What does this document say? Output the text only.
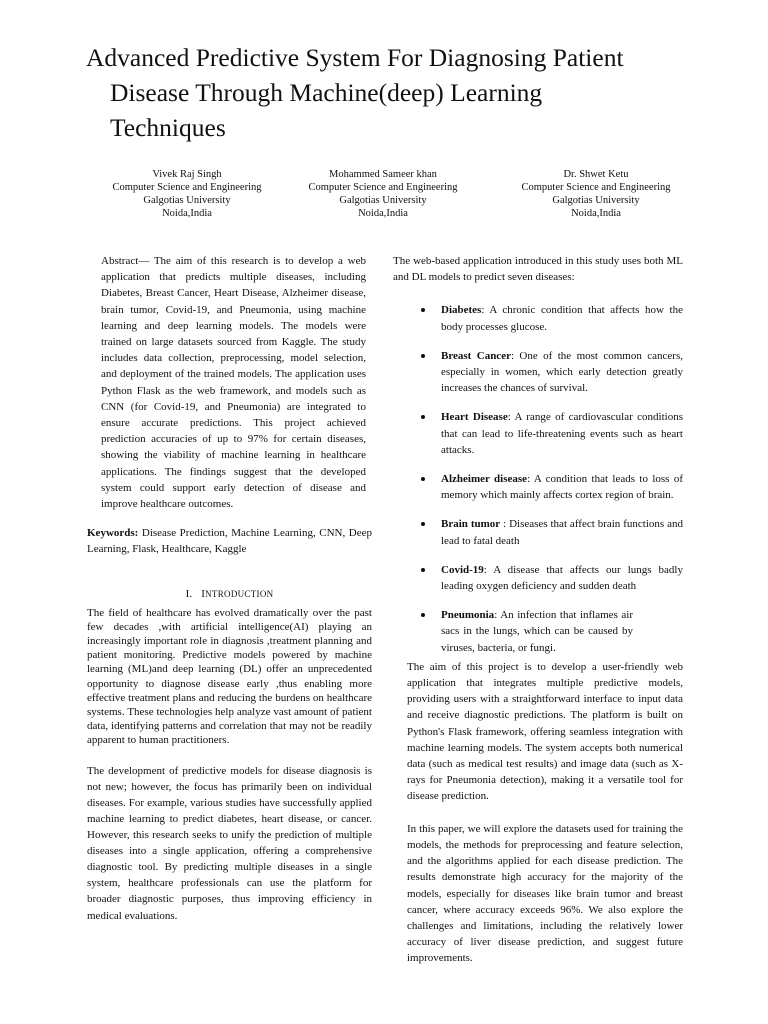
Advanced Predictive System For Diagnosing Patient
Disease Through Machine(deep) Learning
Techniques
Vivek Raj Singh
Computer Science and Engineering
Galgotias University
Noida,India
Mohammed Sameer khan
Computer Science and Engineering
Galgotias University
Noida,India
Dr. Shwet Ketu
Computer Science and Engineering
Galgotias University
Noida,India

Abstract— The aim of this research is to develop a web application that predicts multiple diseases, including Diabetes, Breast Cancer, Heart Disease, Alzheimer disease, brain tumor, Covid-19, and Pneumonia, using machine learning and deep learning models. The models were trained on large datasets sourced from Kaggle. The study includes data collection, preprocessing, model selection, and deployment of the trained models. The application uses Python Flask as the web framework, and models such as CNN (for Covid-19, and Pneumonia) are integrated to ensure accurate predictions. This project achieved prediction accuracies of up to 97% for certain diseases, showing the viability of machine learning in healthcare applications. The findings suggest that the developed system could support early detection of disease and improve healthcare outcomes.

Keywords: Disease Prediction, Machine Learning, CNN, Deep Learning, Flask, Healthcare, Kaggle

I. INTRODUCTION

The field of healthcare has evolved dramatically over the past few decades ,with artificial intelligence(AI) playing an increasingly important role in diagnosis ,treatment planning and patient monitoring. Predictive models powered by machine learning (ML)and deep learning (DL) offer an unprecedented opportunity to diagnose disease early ,thus enabling more effective treatment plans and reducing the burdens on healthcare systems. These technologies help analyze vast amount of patient data, identifying patterns and correlation that may not be readily apparent to human practitioners.

The development of predictive models for disease diagnosis is not new; however, the focus has primarily been on individual diseases. For example, various studies have successfully applied machine learning to predict diabetes, heart disease, or cancer. However, this research seeks to unify the prediction of multiple diseases into a single application, offering a comprehensive diagnostic tool. By predicting multiple diseases in a single system, healthcare professionals can use the platform for broader diagnostic purposes, thus improving efficiency in medical evaluations.

The web-based application introduced in this study uses both ML and DL models to predict seven diseases:

Diabetes: A chronic condition that affects how the body processes glucose.
Breast Cancer: One of the most common cancers, especially in women, which early detection greatly increases the chances of survival.
Heart Disease: A range of cardiovascular conditions that can lead to life-threatening events such as heart attacks.
Alzheimer disease: A condition that leads to loss of memory which mainly affects cortex region of brain.
Brain tumor : Diseases that affect brain functions and lead to fatal death
Covid-19: A disease that affects our lungs badly leading oxygen deficiency and sudden death
Pneumonia: An infection that inflames air sacs in the lungs, which can be caused by viruses, bacteria, or fungi.

The aim of this project is to develop a user-friendly web application that integrates multiple predictive models, providing users with a straightforward interface to input data and receive diagnostic predictions. The platform is built on Python's Flask framework, offering seamless integration with machine learning models. The system accepts both numerical data (such as medical test results) and image data (such as X-rays for Pneumonia detection), making it a versatile tool for disease prediction.

In this paper, we will explore the datasets used for training the models, the methods for preprocessing and feature selection, and the algorithms applied for each disease prediction. The results demonstrate high accuracy for the majority of the models, especially for diseases like brain tumor and breast cancer, where accuracy exceeds 96%. We also explore the challenges and limitations, including the relatively lower accuracy of liver disease prediction, and suggest future improvements.
